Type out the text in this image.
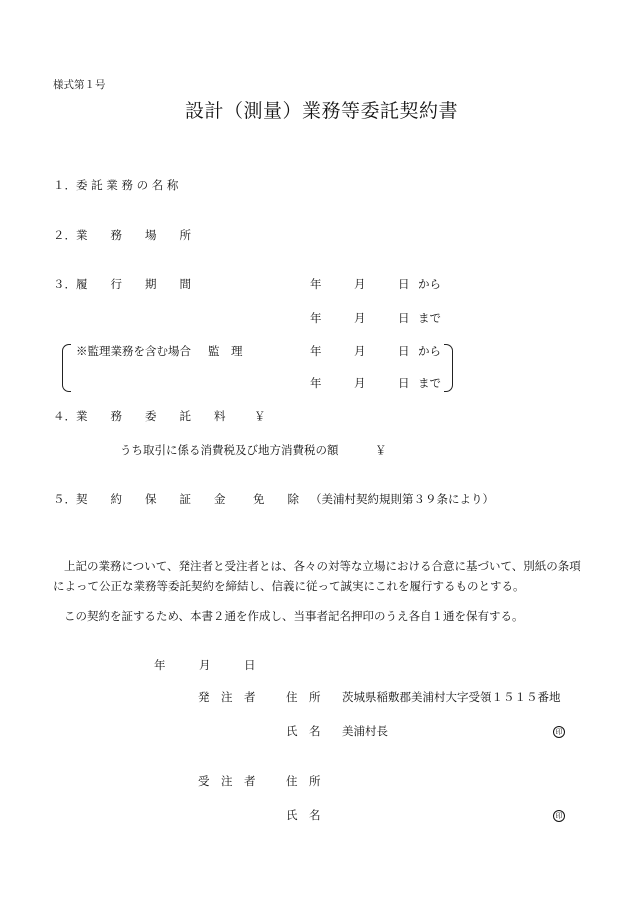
様式第１号
設計（測量）業務等委託契約書
１．委 託 業 務 の 名 称
２．業　　務　　場　　所
３．履　　行　　期　　間	年	月	日 から
年	月	日 まで
※監理業務を含む場合 監　理	年	月	日 から
年	月	日 まで
４．業　　務　　委　　託　　料 ￥
うち取引に係る消費税及び地方消費税の額	￥
５．契　　約　　保　　証　　金 免　　除 （美浦村契約規則第３９条により）
上記の業務について、発注者と受注者とは、各々の対等な立場における合意に基づいて、別紙の条項によって公正な業務等委託契約を締結し、信義に従って誠実にこれを履行するものとする。
この契約を証するため、本書２通を作成し、当事者記名押印のうえ各自１通を保有する。
年	月	日
発　注　者	住　所 茨城県稲敷郡美浦村大字受領１５１５番地
氏　名 美浦村長	印
受　注　者	住　所
氏　名	印
